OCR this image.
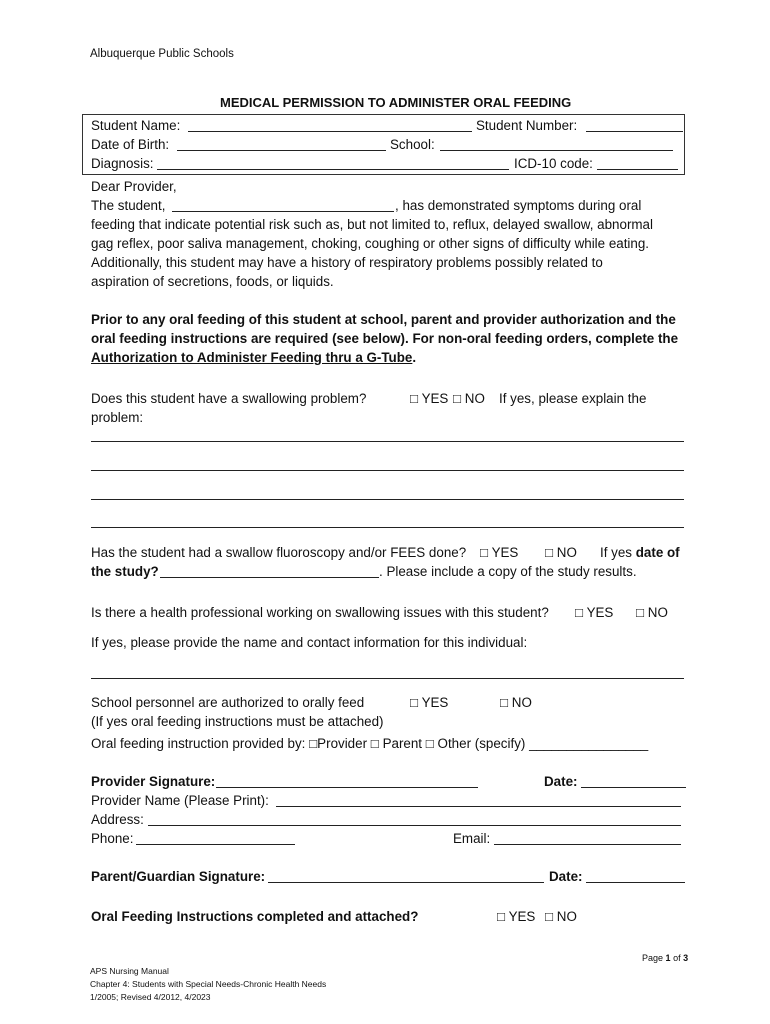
Albuquerque Public Schools
MEDICAL PERMISSION TO ADMINISTER ORAL FEEDING
Student Name:	Student Number:
Date of Birth:	School:
Diagnosis:	ICD-10 code:
Dear Provider,
The student,	, has demonstrated symptoms during oral
feeding that indicate potential risk such as, but not limited to, reflux, delayed swallow, abnormal
gag reflex, poor saliva management, choking, coughing or other signs of difficulty while eating.
Additionally, this student may have a history of respiratory problems possibly related to
aspiration of secretions, foods, or liquids.
Prior to any oral feeding of this student at school, parent and provider authorization and the
oral feeding instructions are required (see below). For non-oral feeding orders, complete the
Authorization to Administer Feeding thru a G-Tube.
Does this student have a swallowing problem?	□ YES □ NO If yes, please explain the
problem:
Has the student had a swallow fluoroscopy and/or FEES done? □ YES □ NO If yes date of
the study?	. Please include a copy of the study results.
Is there a health professional working on swallowing issues with this student? □ YES □ NO
If yes, please provide the name and contact information for this individual:
School personnel are authorized to orally feed	□ YES	□ NO
(If yes oral feeding instructions must be attached)
Oral feeding instruction provided by: □Provider □ Parent □ Other (specify) ________________
Provider Signature:	Date:
Provider Name (Please Print):
Address:
Phone:	Email:
Parent/Guardian Signature:	Date:
Oral Feeding Instructions completed and attached?	□ YES □ NO
Page 1 of 3
APS Nursing Manual
Chapter 4: Students with Special Needs-Chronic Health Needs
1/2005; Revised 4/2012, 4/2023
